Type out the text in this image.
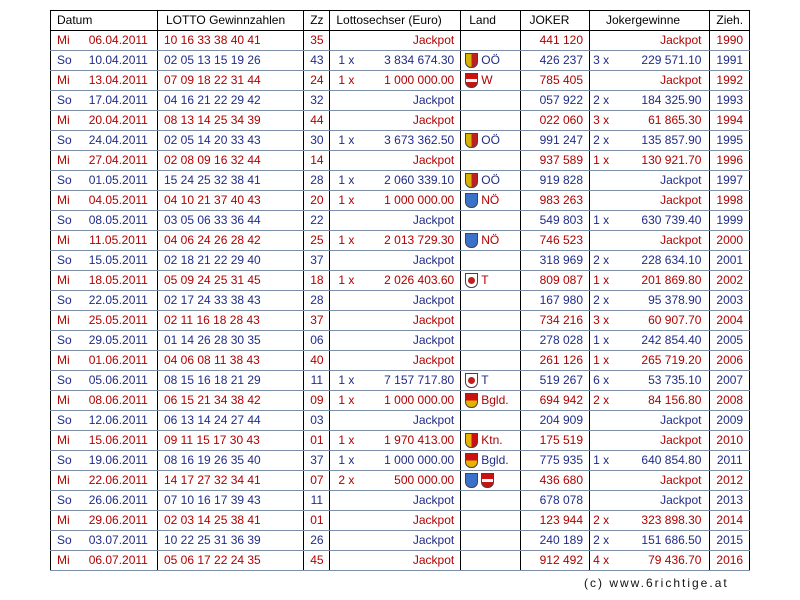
Datum		LOTTO Gewinnzahlen	Zz	Lottosechser (Euro)		Land	JOKER	Jokergewinne		Zieh.
Mi	06.04.2011	10 16 33 38 40 41	35		Jackpot		441 120		Jackpot	1990
So	10.04.2011	02 05 13 15 19 26	43	1 x	3 834 674.30	OÖ	426 237	3 x	229 571.10	1991
Mi	13.04.2011	07 09 18 22 31 44	24	1 x	1 000 000.00	W	785 405		Jackpot	1992
So	17.04.2011	04 16 21 22 29 42	32		Jackpot		057 922	2 x	184 325.90	1993
Mi	20.04.2011	08 13 14 25 34 39	44		Jackpot		022 060	3 x	61 865.30	1994
So	24.04.2011	02 05 14 20 33 43	30	1 x	3 673 362.50	OÖ	991 247	2 x	135 857.90	1995
Mi	27.04.2011	02 08 09 16 32 44	14		Jackpot		937 589	1 x	130 921.70	1996
So	01.05.2011	15 24 25 32 38 41	28	1 x	2 060 339.10	OÖ	919 828		Jackpot	1997
Mi	04.05.2011	04 10 21 37 40 43	20	1 x	1 000 000.00	NÖ	983 263		Jackpot	1998
So	08.05.2011	03 05 06 33 36 44	22		Jackpot		549 803	1 x	630 739.40	1999
Mi	11.05.2011	04 06 24 26 28 42	25	1 x	2 013 729.30	NÖ	746 523		Jackpot	2000
So	15.05.2011	02 18 21 22 29 40	37		Jackpot		318 969	2 x	228 634.10	2001
Mi	18.05.2011	05 09 24 25 31 45	18	1 x	2 026 403.60	T	809 087	1 x	201 869.80	2002
So	22.05.2011	02 17 24 33 38 43	28		Jackpot		167 980	2 x	95 378.90	2003
Mi	25.05.2011	02 11 16 18 28 43	37		Jackpot		734 216	3 x	60 907.70	2004
So	29.05.2011	01 14 26 28 30 35	06		Jackpot		278 028	1 x	242 854.40	2005
Mi	01.06.2011	04 06 08 11 38 43	40		Jackpot		261 126	1 x	265 719.20	2006
So	05.06.2011	08 15 16 18 21 29	11	1 x	7 157 717.80	T	519 267	6 x	53 735.10	2007
Mi	08.06.2011	06 15 21 34 38 42	09	1 x	1 000 000.00	Bgld.	694 942	2 x	84 156.80	2008
So	12.06.2011	06 13 14 24 27 44	03		Jackpot		204 909		Jackpot	2009
Mi	15.06.2011	09 11 15 17 30 43	01	1 x	1 970 413.00	Ktn.	175 519		Jackpot	2010
So	19.06.2011	08 16 19 26 35 40	37	1 x	1 000 000.00	Bgld.	775 935	1 x	640 854.80	2011
Mi	22.06.2011	14 17 27 32 34 41	07	2 x	500 000.00		436 680		Jackpot	2012
So	26.06.2011	07 10 16 17 39 43	11		Jackpot		678 078		Jackpot	2013
Mi	29.06.2011	02 03 14 25 38 41	01		Jackpot		123 944	2 x	323 898.30	2014
So	03.07.2011	10 22 25 31 36 39	26		Jackpot		240 189	2 x	151 686.50	2015
Mi	06.07.2011	05 06 17 22 24 35	45		Jackpot		912 492	4 x	79 436.70	2016
(c) www.6richtige.at
